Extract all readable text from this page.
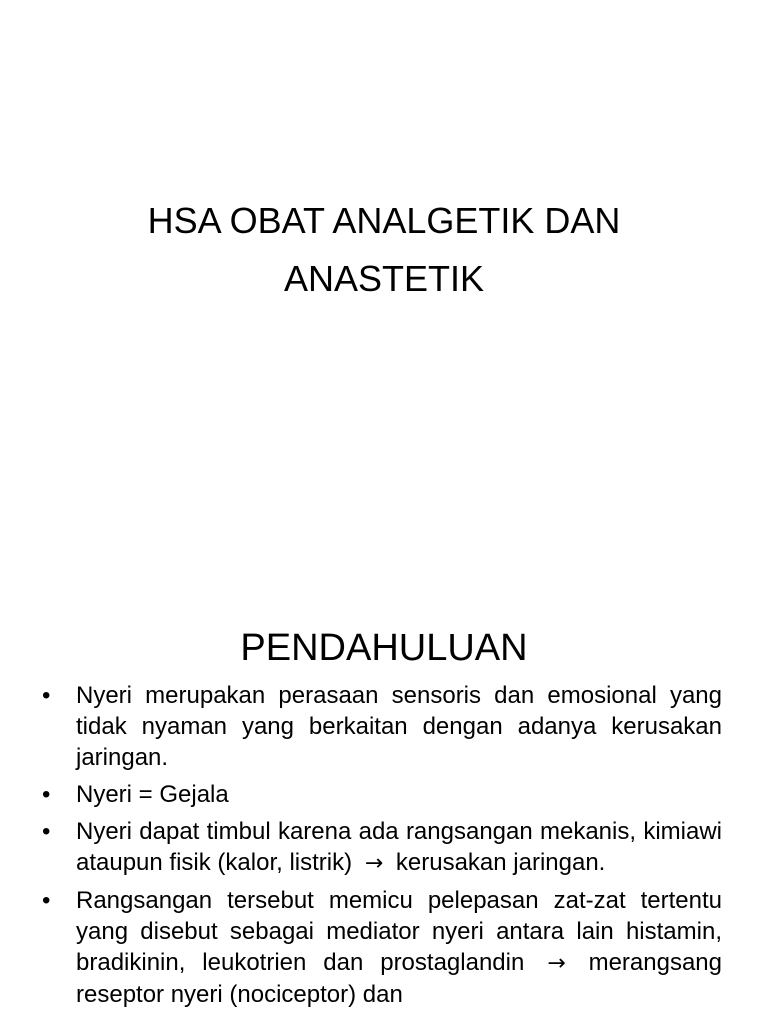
HSA OBAT ANALGETIK DAN
ANASTETIK
PENDAHULUAN
• Nyeri merupakan perasaan sensoris dan emosional yang tidak nyaman yang berkaitan dengan adanya kerusakan jaringan.
• Nyeri = Gejala
• Nyeri dapat timbul karena ada rangsangan mekanis, kimiawi ataupun fisik (kalor, listrik) → kerusakan jaringan.
• Rangsangan tersebut memicu pelepasan zat-zat tertentu yang disebut sebagai mediator nyeri antara lain histamin, bradikinin, leukotrien dan prostaglandin → merangsang reseptor nyeri (nociceptor) dan
